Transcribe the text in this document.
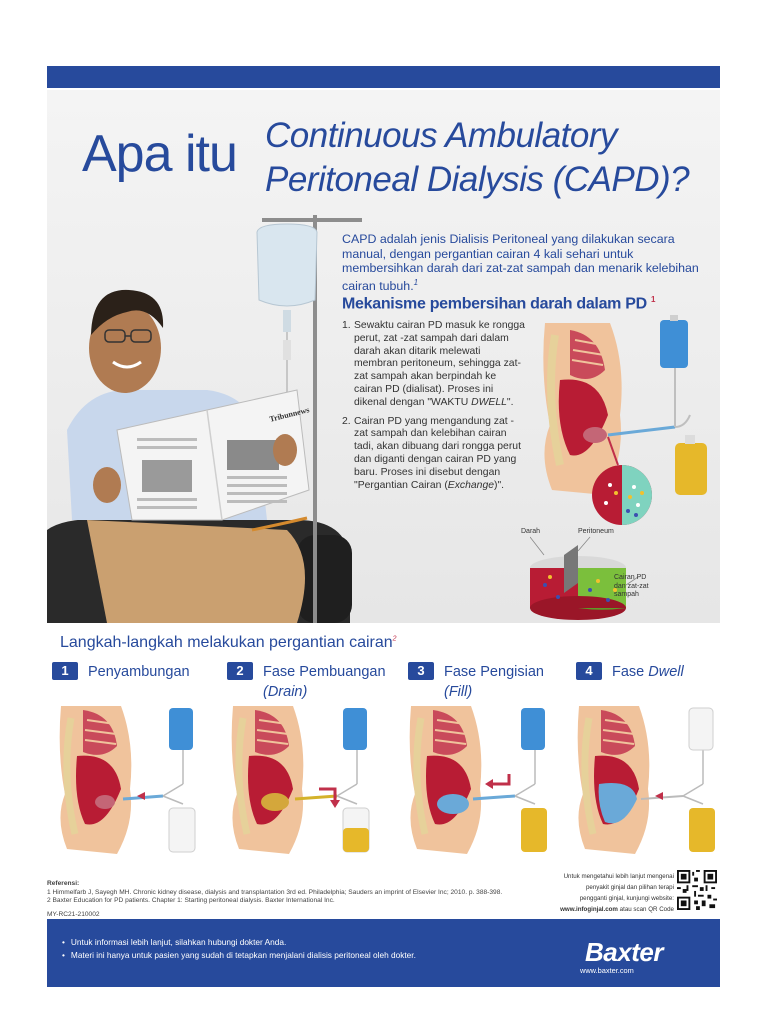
Tribunnews
Apa itu Continuous Ambulatory
Peritoneal Dialysis (CAPD)?
CAPD adalah jenis Dialisis Peritoneal yang dilakukan secara manual, dengan pergantian cairan 4 kali sehari untuk membersihkan darah dari zat-zat sampah dan menarik kelebihan cairan tubuh.$^1$
Mekanisme pembersihan darah dalam PD $^1$
1. Sewaktu cairan PD masuk ke rongga perut, zat -zat sampah dari dalam darah akan ditarik melewati membran peritoneum, sehingga zat-zat sampah akan berpindah ke cairan PD (dialisat). Proses ini dikenal dengan "WAKTU DWELL".
2. Cairan PD yang mengandung zat - zat sampah dan kelebihan cairan tadi, akan dibuang dari rongga perut dan diganti dengan cairan PD yang baru. Proses ini disebut dengan "Pergantian Cairan (Exchange)".
Darah	Peritoneum
Cairan PD
dan zat-zat
sampah
Langkah-langkah melakukan pergantian cairan$^2$
1	Penyambungan	2	Fase Pembuangan
(Drain)
3	Fase Pengisian
(Fill)
4	Fase Dwell
Referensi:
1 Himmelfarb J, Sayegh MH. Chronic kidney disease, dialysis and transplantation 3rd ed. Philadelphia; Sauders an imprint of Elsevier Inc; 2010. p. 388-398.
2 Baxter Education for PD patients. Chapter 1: Starting peritoneal dialysis. Baxter International Inc.
MY-RC21-210002
Untuk mengetahui lebih lanjut mengenai
penyakit ginjal dan pilihan terapi
pengganti ginjal, kunjungi website:
www.infoginjal.com atau scan QR Code
• Untuk informasi lebih lanjut, silahkan hubungi dokter Anda.
• Materi ini hanya untuk pasien yang sudah di tetapkan menjalani dialisis peritoneal oleh dokter.	Baxter
www.baxter.com
